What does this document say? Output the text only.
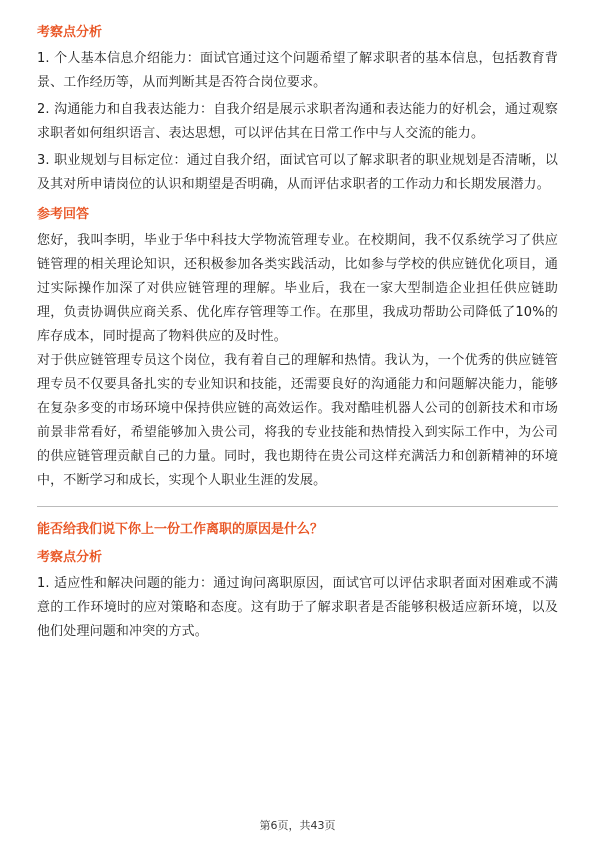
考察点分析

1. 个人基本信息介绍能力：面试官通过这个问题希望了解求职者的基本信息，包括教育背景、工作经历等，从而判断其是否符合岗位要求。

2. 沟通能力和自我表达能力：自我介绍是展示求职者沟通和表达能力的好机会，通过观察求职者如何组织语言、表达思想，可以评估其在日常工作中与人交流的能力。

3. 职业规划与目标定位：通过自我介绍，面试官可以了解求职者的职业规划是否清晰，以及其对所申请岗位的认识和期望是否明确，从而评估求职者的工作动力和长期发展潜力。

参考回答

您好，我叫李明，毕业于华中科技大学物流管理专业。在校期间，我不仅系统学习了供应链管理的相关理论知识，还积极参加各类实践活动，比如参与学校的供应链优化项目，通过实际操作加深了对供应链管理的理解。毕业后，我在一家大型制造企业担任供应链助理，负责协调供应商关系、优化库存管理等工作。在那里，我成功帮助公司降低了10%的库存成本，同时提高了物料供应的及时性。

对于供应链管理专员这个岗位，我有着自己的理解和热情。我认为，一个优秀的供应链管理专员不仅要具备扎实的专业知识和技能，还需要良好的沟通能力和问题解决能力，能够在复杂多变的市场环境中保持供应链的高效运作。我对酷哇机器人公司的创新技术和市场前景非常看好，希望能够加入贵公司，将我的专业技能和热情投入到实际工作中，为公司的供应链管理贡献自己的力量。同时，我也期待在贵公司这样充满活力和创新精神的环境中，不断学习和成长，实现个人职业生涯的发展。

能否给我们说下你上一份工作离职的原因是什么？

考察点分析

1. 适应性和解决问题的能力：通过询问离职原因，面试官可以评估求职者面对困难或不满意的工作环境时的应对策略和态度。这有助于了解求职者是否能够积极适应新环境，以及他们处理问题和冲突的方式。

第6页，共43页
